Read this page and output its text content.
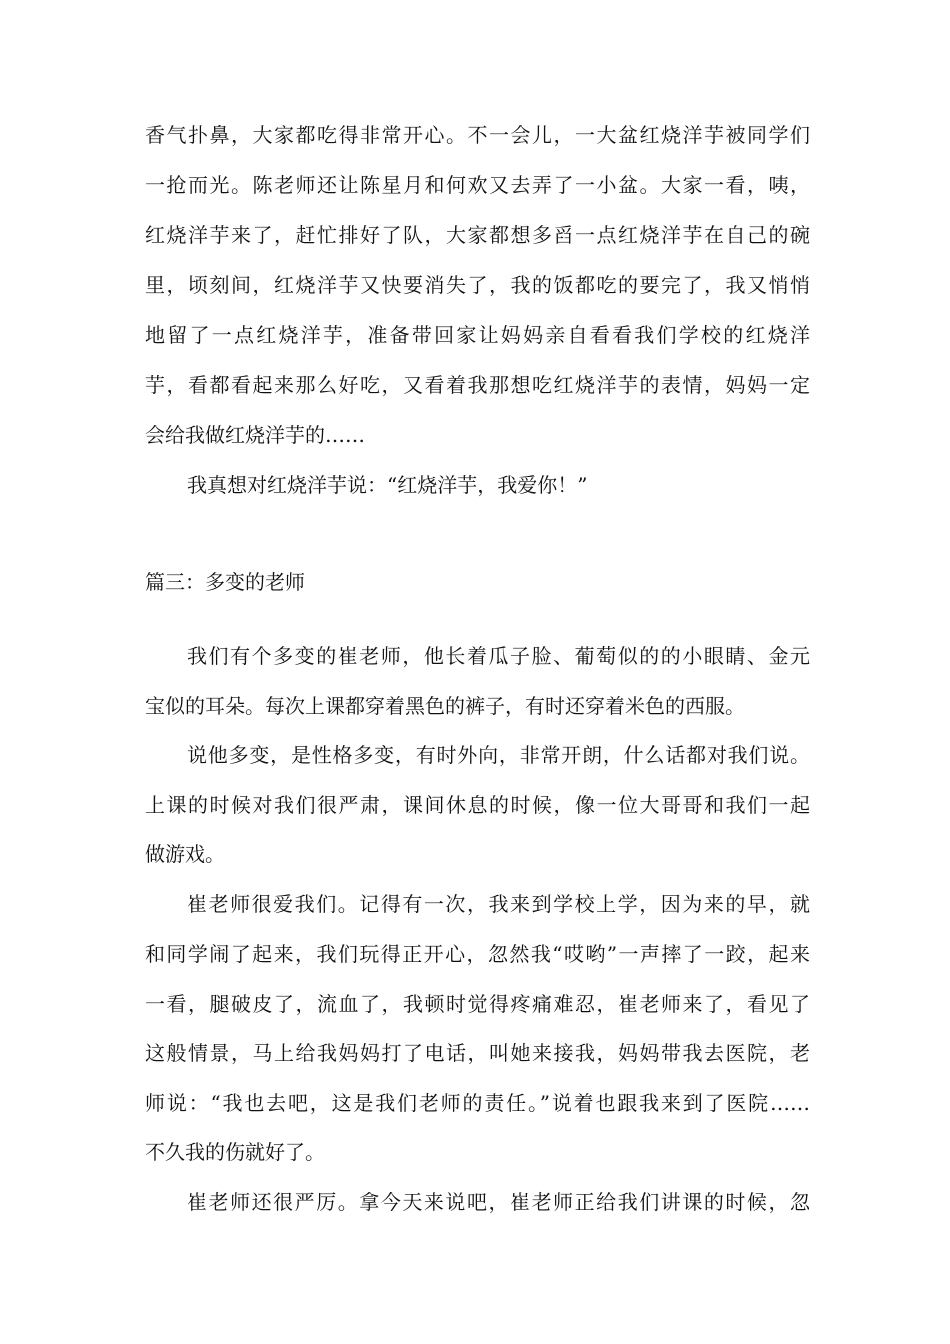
香气扑鼻，大家都吃得非常开心。不一会儿，一大盆红烧洋芋被同学们
一抢而光。陈老师还让陈星月和何欢又去弄了一小盆。大家一看，咦，
红烧洋芋来了，赶忙排好了队，大家都想多舀一点红烧洋芋在自己的碗
里，顷刻间，红烧洋芋又快要消失了，我的饭都吃的要完了，我又悄悄
地留了一点红烧洋芋，准备带回家让妈妈亲自看看我们学校的红烧洋
芋，看都看起来那么好吃，又看着我那想吃红烧洋芋的表情，妈妈一定
会给我做红烧洋芋的……
我真想对红烧洋芋说：“红烧洋芋，我爱你！”
篇三：多变的老师
我们有个多变的崔老师，他长着瓜子脸、葡萄似的的小眼睛、金元
宝似的耳朵。每次上课都穿着黑色的裤子，有时还穿着米色的西服。
说他多变，是性格多变，有时外向，非常开朗，什么话都对我们说。
上课的时候对我们很严肃，课间休息的时候，像一位大哥哥和我们一起
做游戏。
崔老师很爱我们。记得有一次，我来到学校上学，因为来的早，就
和同学闹了起来，我们玩得正开心，忽然我“哎哟”一声摔了一跤，起来
一看，腿破皮了，流血了，我顿时觉得疼痛难忍，崔老师来了，看见了
这般情景，马上给我妈妈打了电话，叫她来接我，妈妈带我去医院，老
师说：“我也去吧，这是我们老师的责任。”说着也跟我来到了医院……
不久我的伤就好了。
崔老师还很严厉。拿今天来说吧，崔老师正给我们讲课的时候，忽
